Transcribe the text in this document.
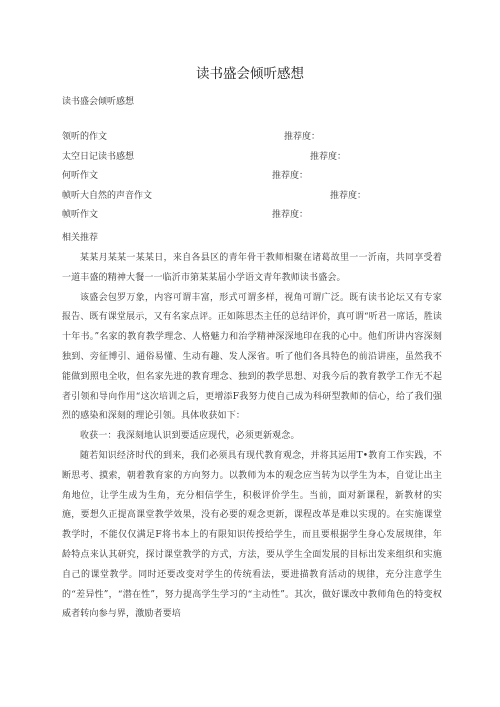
读书盛会倾听感想
读书盛会倾听感想
领听的作文	推荐度：
太空日记读书感想	推荐度：
何听作文	推荐度：
帧听大自然的声音作文	推荐度：
帧听作文	推荐度：
相关推荐

某某月某某一某某日，来自各县区的青年骨干教师相聚在诸葛故里一一沂南，共同享受着一道丰盛的精神大餐一一临沂市第某某届小学语文青年教师读书盛会。

该盛会包罗万象，内容可谓丰富，形式可谓多样，视角可谓广泛。既有读书论坛又有专家报告、既有课堂展示，又有名家点评。正如陈思杰主任的总结评价，真可谓“听君一席话，胜读十年书。”名家的教育教学理念、人格魅力和治学精神深深地印在我的心中。他们所讲内容深刻独到、旁征博引、通俗易懂、生动有趣、发人深省。听了他们各具特色的前沿讲座，虽然我不能做到照电全收，但名家先进的教育理念、独到的教学思想、对我今后的教育教学工作无不起者引领和导向作用“这次培训之后，更增添F我努力使自己成为科研型教师的信心，给了我们强烈的感染和深刻的理论引领。具体收获如下：

收获一：我深刻地认识到要适应现代，必须更新观念。

随若知识经济时代的到来，我们必须具有现代教育观念，并将其运用T•教育工作实践，不断思考、摸索，朝着教育家的方向努力。以教师为本的观念应当转为以学生为本，自觉让出主角地位，让学生成为生角，充分相信学生，积极评价学生。当前，面对新课程，新教材的实施，要想久正提高课堂教学效果，没有必要的观念更新，课程改革是难以实现的。在实施课堂教学时，不能仅仅满足F将书本上的有限知识传授给学生，而且要根据学生身心发展规律，年龄特点来认其研究，探讨课堂教学的方式，方法，要从学生全面发展的目标出发来组织和实施自己的课堂教学。同时还要改变对学生的传统看法，要进描教育活动的规律，充分注意学生的“差异性”，“潜在性”，努力提高学生学习的“主动性”。其次，做好课改中教师角色的特变权威者转向参与界，激励者要培
